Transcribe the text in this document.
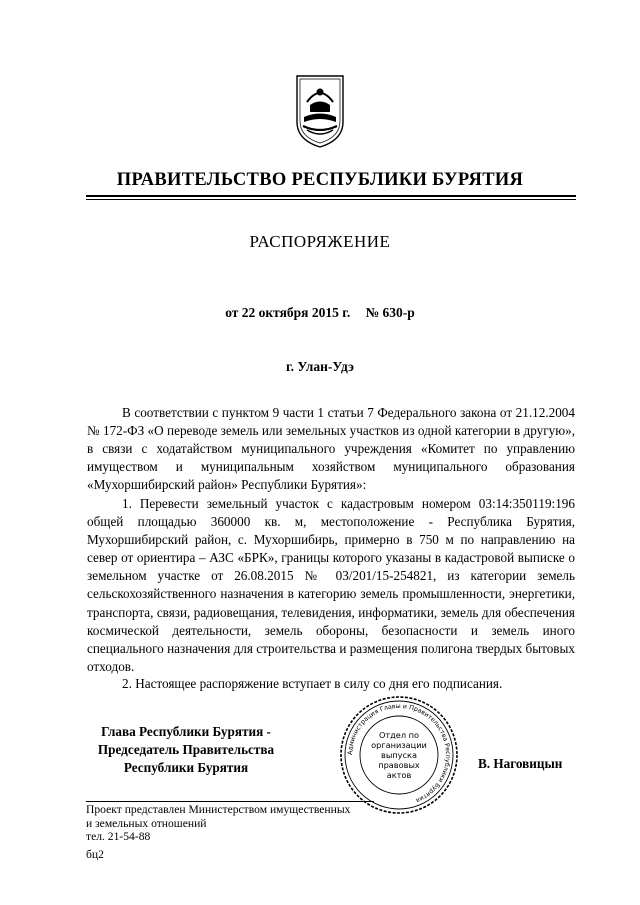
ПРАВИТЕЛЬСТВО РЕСПУБЛИКИ БУРЯТИЯ
РАСПОРЯЖЕНИЕ
от 22 октября 2015 г. № 630-р
г. Улан-Удэ
В соответствии с пунктом 9 части 1 статьи 7 Федерального закона от 21.12.2004 № 172-ФЗ «О переводе земель или земельных участков из одной категории в другую», в связи с ходатайством муниципального учреждения «Комитет по управлению имуществом и муниципальным хозяйством муниципального образования «Мухоршибирский район» Республики Бурятия»:
1. Перевести земельный участок с кадастровым номером 03:14:350119:196 общей площадью 360000 кв. м, местоположение - Республика Бурятия, Мухоршибирский район, с. Мухоршибирь, примерно в 750 м по направлению на север от ориентира – АЗС «БРК», границы которого указаны в кадастровой выписке о земельном участке от 26.08.2015 № 03/201/15-254821, из категории земель сельскохозяйственного назначения в категорию земель промышленности, энергетики, транспорта, связи, радиовещания, телевидения, информатики, земель для обеспечения космической деятельности, земель обороны, безопасности и земель иного специального назначения для строительства и размещения полигона твердых бытовых отходов.
2. Настоящее распоряжение вступает в силу со дня его подписания.
Глава Республики Бурятия -
Председатель Правительства
Республики Бурятия
Администрация Главы и Правительства Республики Бурятия
Отдел по
организации
выпуска
правовых
актов
В. Наговицын
Проект представлен Министерством имущественных
и земельных отношений
тел. 21-54-88
бц2
